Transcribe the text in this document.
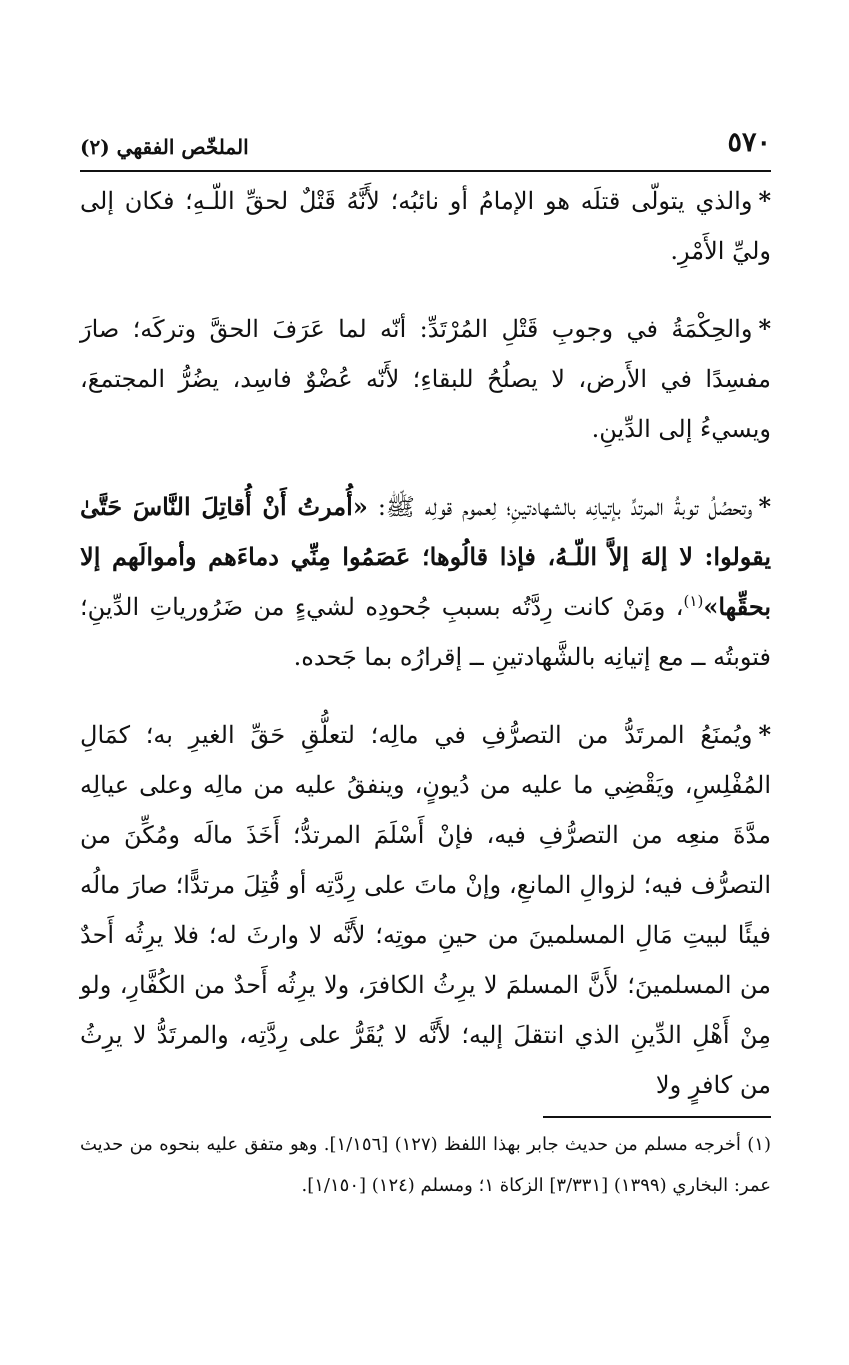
٥٧٠
الملخّص الفقهي (٢)

*والذي يتولّى قتلَه هو الإمامُ أو نائبُه؛ لأَنَّهُ قَتْلٌ لحقِّ اللّـهِ؛ فكان إلى وليِّ الأَمْرِ.

*والحِكْمَةُ في وجوبِ قَتْلِ المُرْتَدِّ: أنّه لما عَرَفَ الحقَّ وتركَه؛ صارَ مفسِدًا في الأَرض، لا يصلُحُ للبقاءِ؛ لأَنّه عُضْوٌ فاسِد، يضُرُّ المجتمعَ، ويسيءُ إلى الدِّينِ.

*وتحصُلُ توبةُ المرتدِّ بإتيانِه بالشهادتينِ؛ لِعموم قولِه ﷺ: «أُمرتُ أَنْ أُقاتِلَ النَّاسَ حَتَّىٰ يقولوا: لا إلهَ إلاَّ اللّـهُ، فإذا قالُوها؛ عَصَمُوا مِنِّي دماءَهم وأموالَهم إلا بحقِّها»$^{(١)}$، ومَنْ كانت رِدَّتُه بسببِ جُحودِه لشيءٍ من ضَرُورياتِ الدِّينِ؛ فتوبتُه ــ مع إتيانِه بالشَّهادتينِ ــ إقرارُه بما جَحده.

*ويُمنَعُ المرتَدُّ من التصرُّفِ في مالِه؛ لتعلُّقِ حَقِّ الغيرِ به؛ كمَالِ المُفْلِسِ، ويَقْضِي ما عليه من دُيونٍ، وينفقُ عليه من مالِه وعلى عيالِه مدَّةَ منعِه من التصرُّفِ فيه، فإنْ أَسْلَمَ المرتدُّ؛ أَخَذَ مالَه ومُكِّنَ من التصرُّف فيه؛ لزوالِ المانعِ، وإنْ ماتَ على رِدَّتِه أو قُتِلَ مرتدًّا؛ صارَ مالُه فيئًا لبيتِ مَالِ المسلمينَ من حينِ موتِه؛ لأَنَّه لا وارثَ له؛ فلا يرِثُه أَحدٌ من المسلمينَ؛ لأَنَّ المسلمَ لا يرِثُ الكافرَ، ولا يرِثُه أَحدٌ من الكُفَّارِ، ولو مِنْ أَهْلِ الدِّينِ الذي انتقلَ إليه؛ لأَنَّه لا يُقَرُّ على رِدَّتِه، والمرتَدُّ لا يرِثُ من كافرٍ ولا

(١) أخرجه مسلم من حديث جابر بهذا اللفظ (١٢٧) [١/١٥٦]. وهو متفق عليه بنحوه من حديث عمر: البخاري (١٣٩٩) [٣/٣٣١] الزكاة ١؛ ومسلم (١٢٤) [١/١٥٠].
